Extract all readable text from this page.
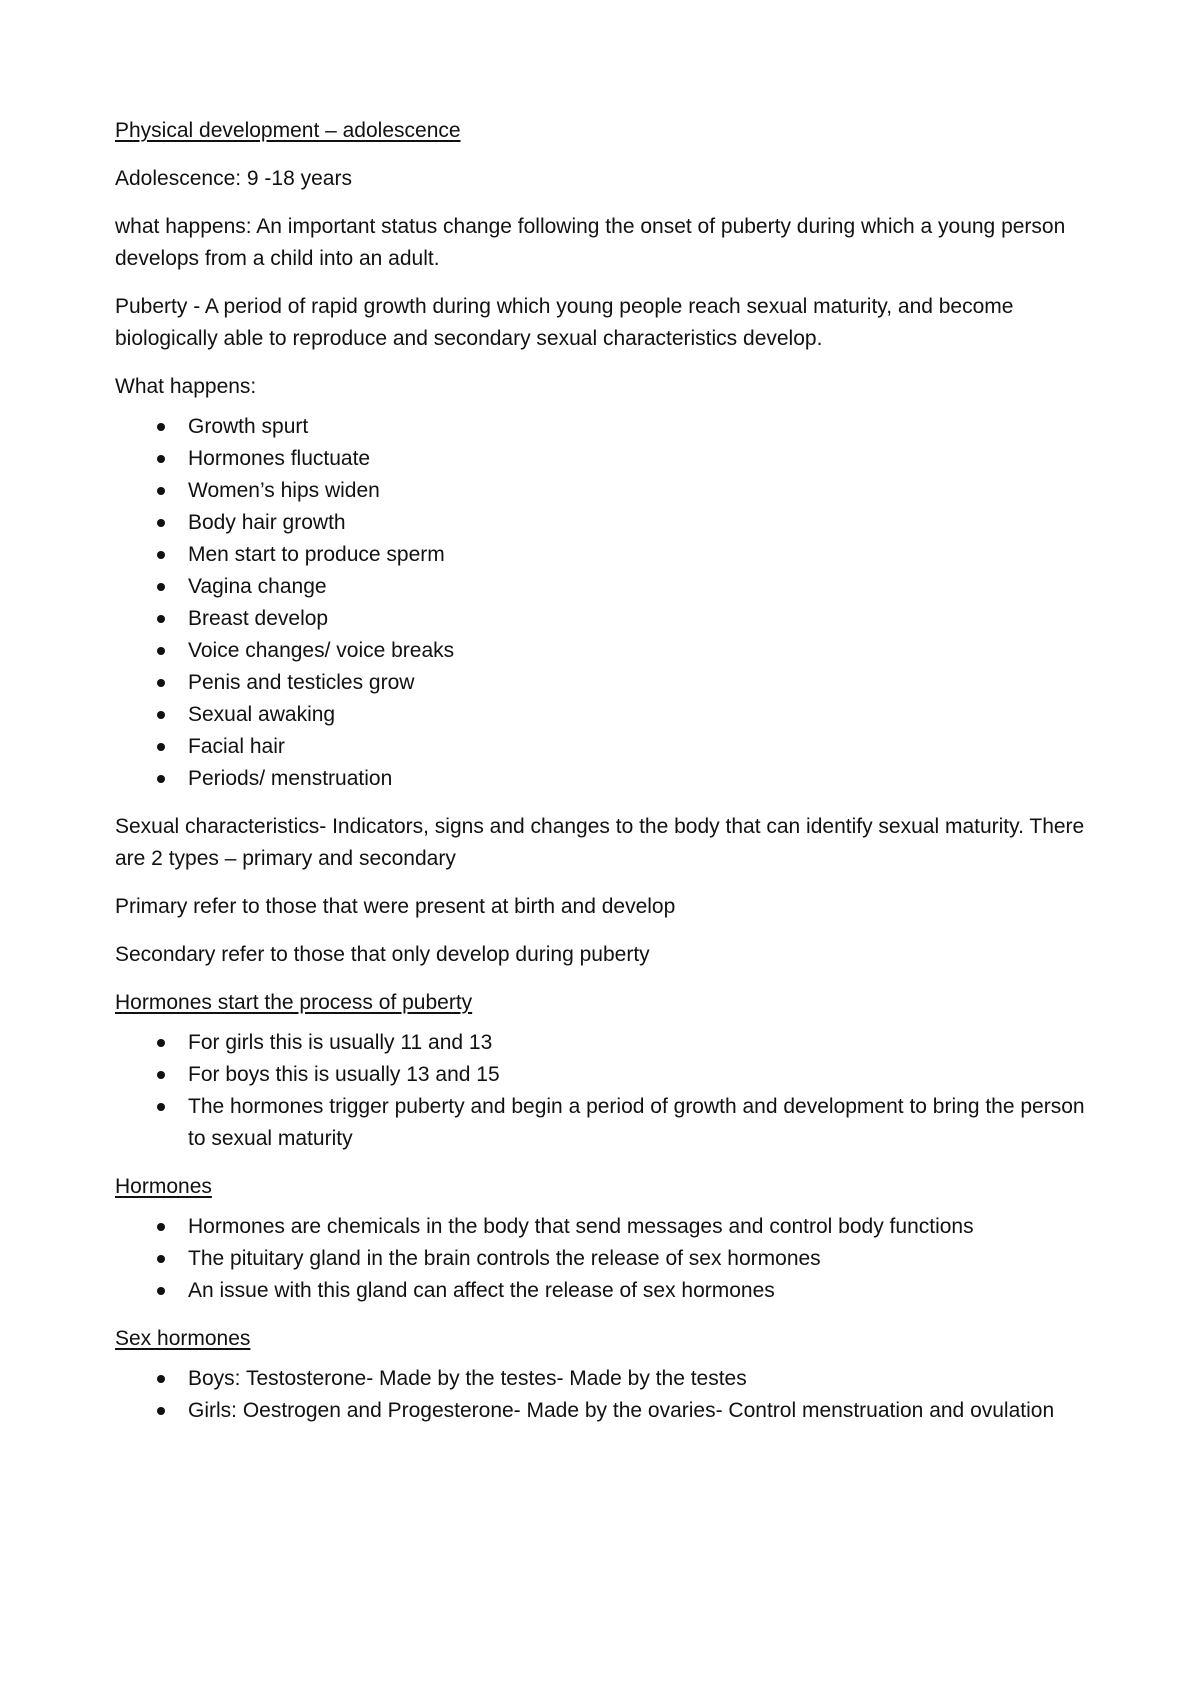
Physical development – adolescence

Adolescence: 9 -18 years

what happens: An important status change following the onset of puberty during which a young person develops from a child into an adult.

Puberty - A period of rapid growth during which young people reach sexual maturity, and become biologically able to reproduce and secondary sexual characteristics develop.

What happens:

Growth spurt
Hormones fluctuate
Women’s hips widen
Body hair growth
Men start to produce sperm
Vagina change
Breast develop
Voice changes/ voice breaks
Penis and testicles grow
Sexual awaking
Facial hair
Periods/ menstruation

Sexual characteristics- Indicators, signs and changes to the body that can identify sexual maturity. There are 2 types – primary and secondary

Primary refer to those that were present at birth and develop

Secondary refer to those that only develop during puberty

Hormones start the process of puberty

For girls this is usually 11 and 13
For boys this is usually 13 and 15
The hormones trigger puberty and begin a period of growth and development to bring the person to sexual maturity

Hormones

Hormones are chemicals in the body that send messages and control body functions
The pituitary gland in the brain controls the release of sex hormones
An issue with this gland can affect the release of sex hormones

Sex hormones

Boys: Testosterone- Made by the testes- Made by the testes
Girls: Oestrogen and Progesterone- Made by the ovaries- Control menstruation and ovulation
